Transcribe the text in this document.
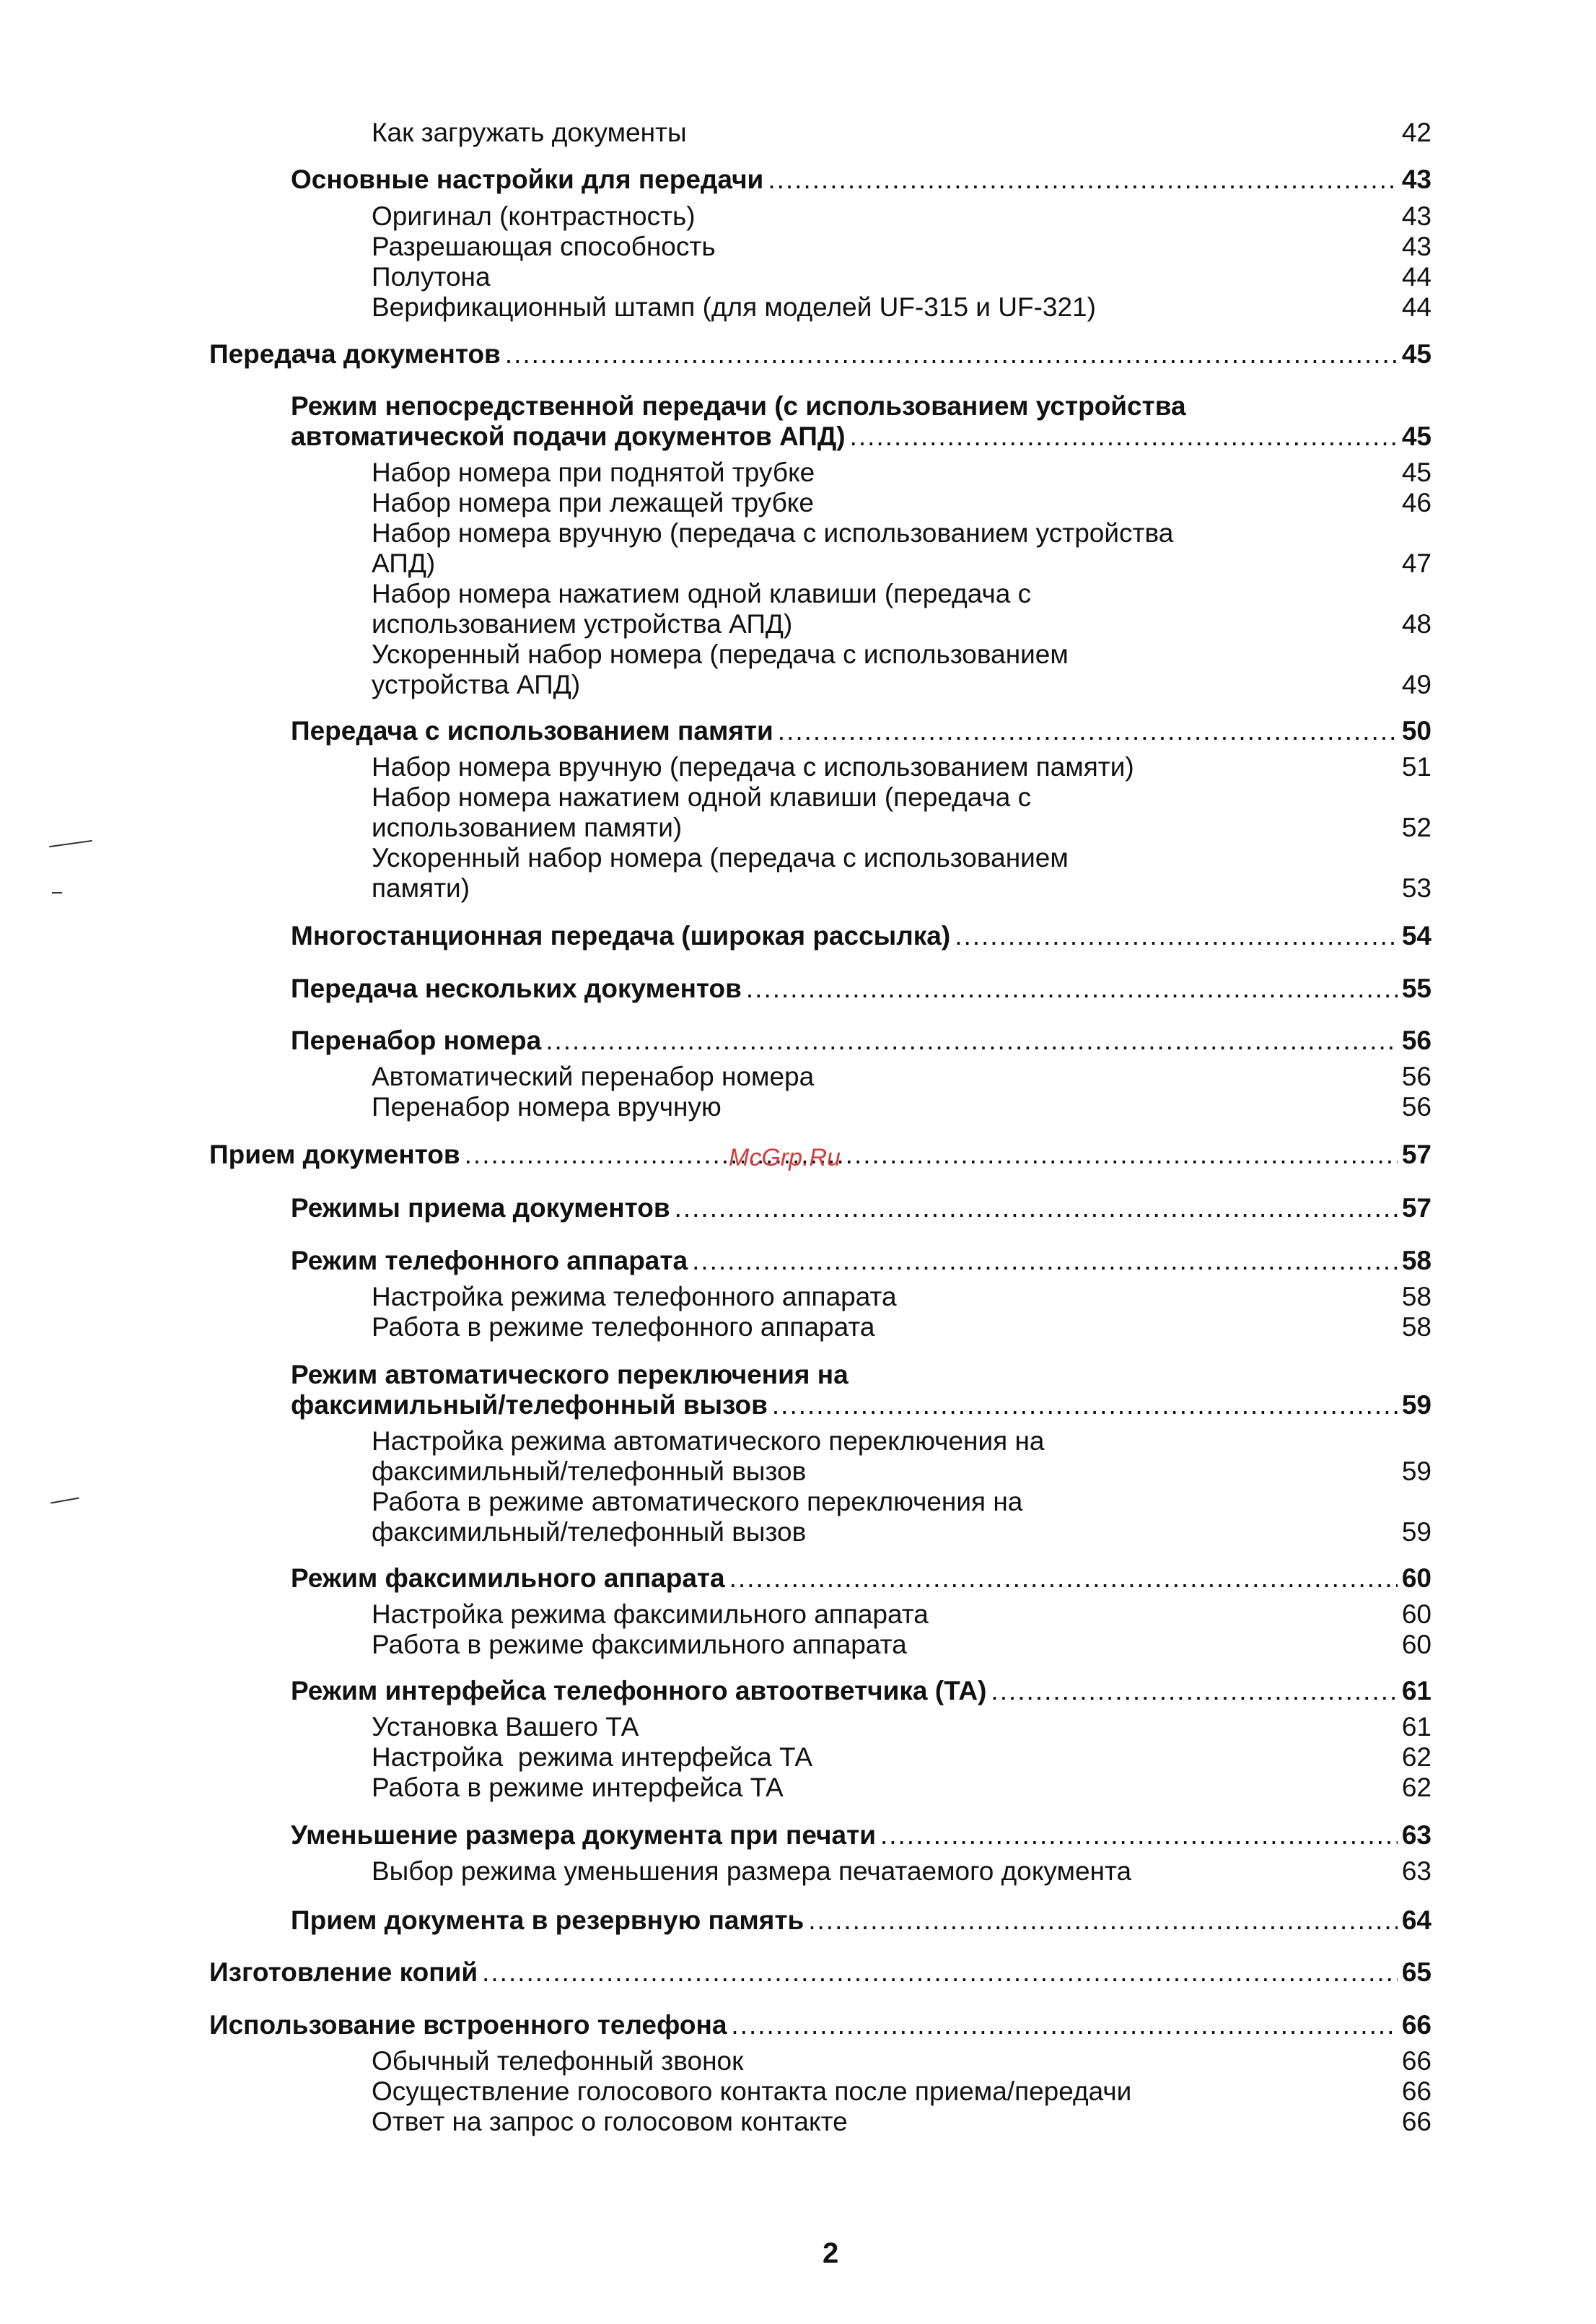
Как загружать документы	42
Основные настройки для передачи .....	43
Оригинал (контрастность)	43
Разрешающая способность	43
Полутона	44
Верификационный штамп (для моделей UF-315 и UF-321)	44
Передача документов .....	45
Режим непосредственной передачи (с использованием устройства
автоматической подачи документов АПД) .....	45
Набор номера при поднятой трубке	45
Набор номера при лежащей трубке	46
Набор номера вручную (передача с использованием устройства
АПД)	47
Набор номера нажатием одной клавиши (передача с
использованием устройства АПД)	48
Ускоренный набор номера (передача с использованием
устройства АПД)	49
Передача с использованием памяти .....	50
Набор номера вручную (передача с использованием памяти)	51
Набор номера нажатием одной клавиши (передача с
использованием памяти)	52
Ускоренный набор номера (передача с использованием
памяти)	53
Многостанционная передача (широкая рассылка) .....	54
Передача нескольких документов .....	55
Перенабор номера .....	56
Автоматический перенабор номера	56
Перенабор номера вручную	56
Прием документов .....	57
Режимы приема документов .....	57
Режим телефонного аппарата .....	58
Настройка режима телефонного аппарата	58
Работа в режиме телефонного аппарата	58
Режим автоматического переключения на
факсимильный/телефонный вызов .....	59
Настройка режима автоматического переключения на
факсимильный/телефонный вызов	59
Работа в режиме автоматического переключения на
факсимильный/телефонный вызов	59
Режим факсимильного аппарата .....	60
Настройка режима факсимильного аппарата	60
Работа в режиме факсимильного аппарата	60
Режим интерфейса телефонного автоответчика (ТА) .....	61
Установка Вашего ТА	61
Настройка  режима интерфейса ТА	62
Работа в режиме интерфейса ТА	62
Уменьшение размера документа при печати .....	63
Выбор режима уменьшения размера печатаемого документа	63
Прием документа в резервную память .....	64
Изготовление копий .....	65
Использование встроенного телефона .....	66
Обычный телефонный звонок	66
Осуществление голосового контакта после приема/передачи	66
Ответ на запрос о голосовом контакте	66
McGrp.Ru
2
